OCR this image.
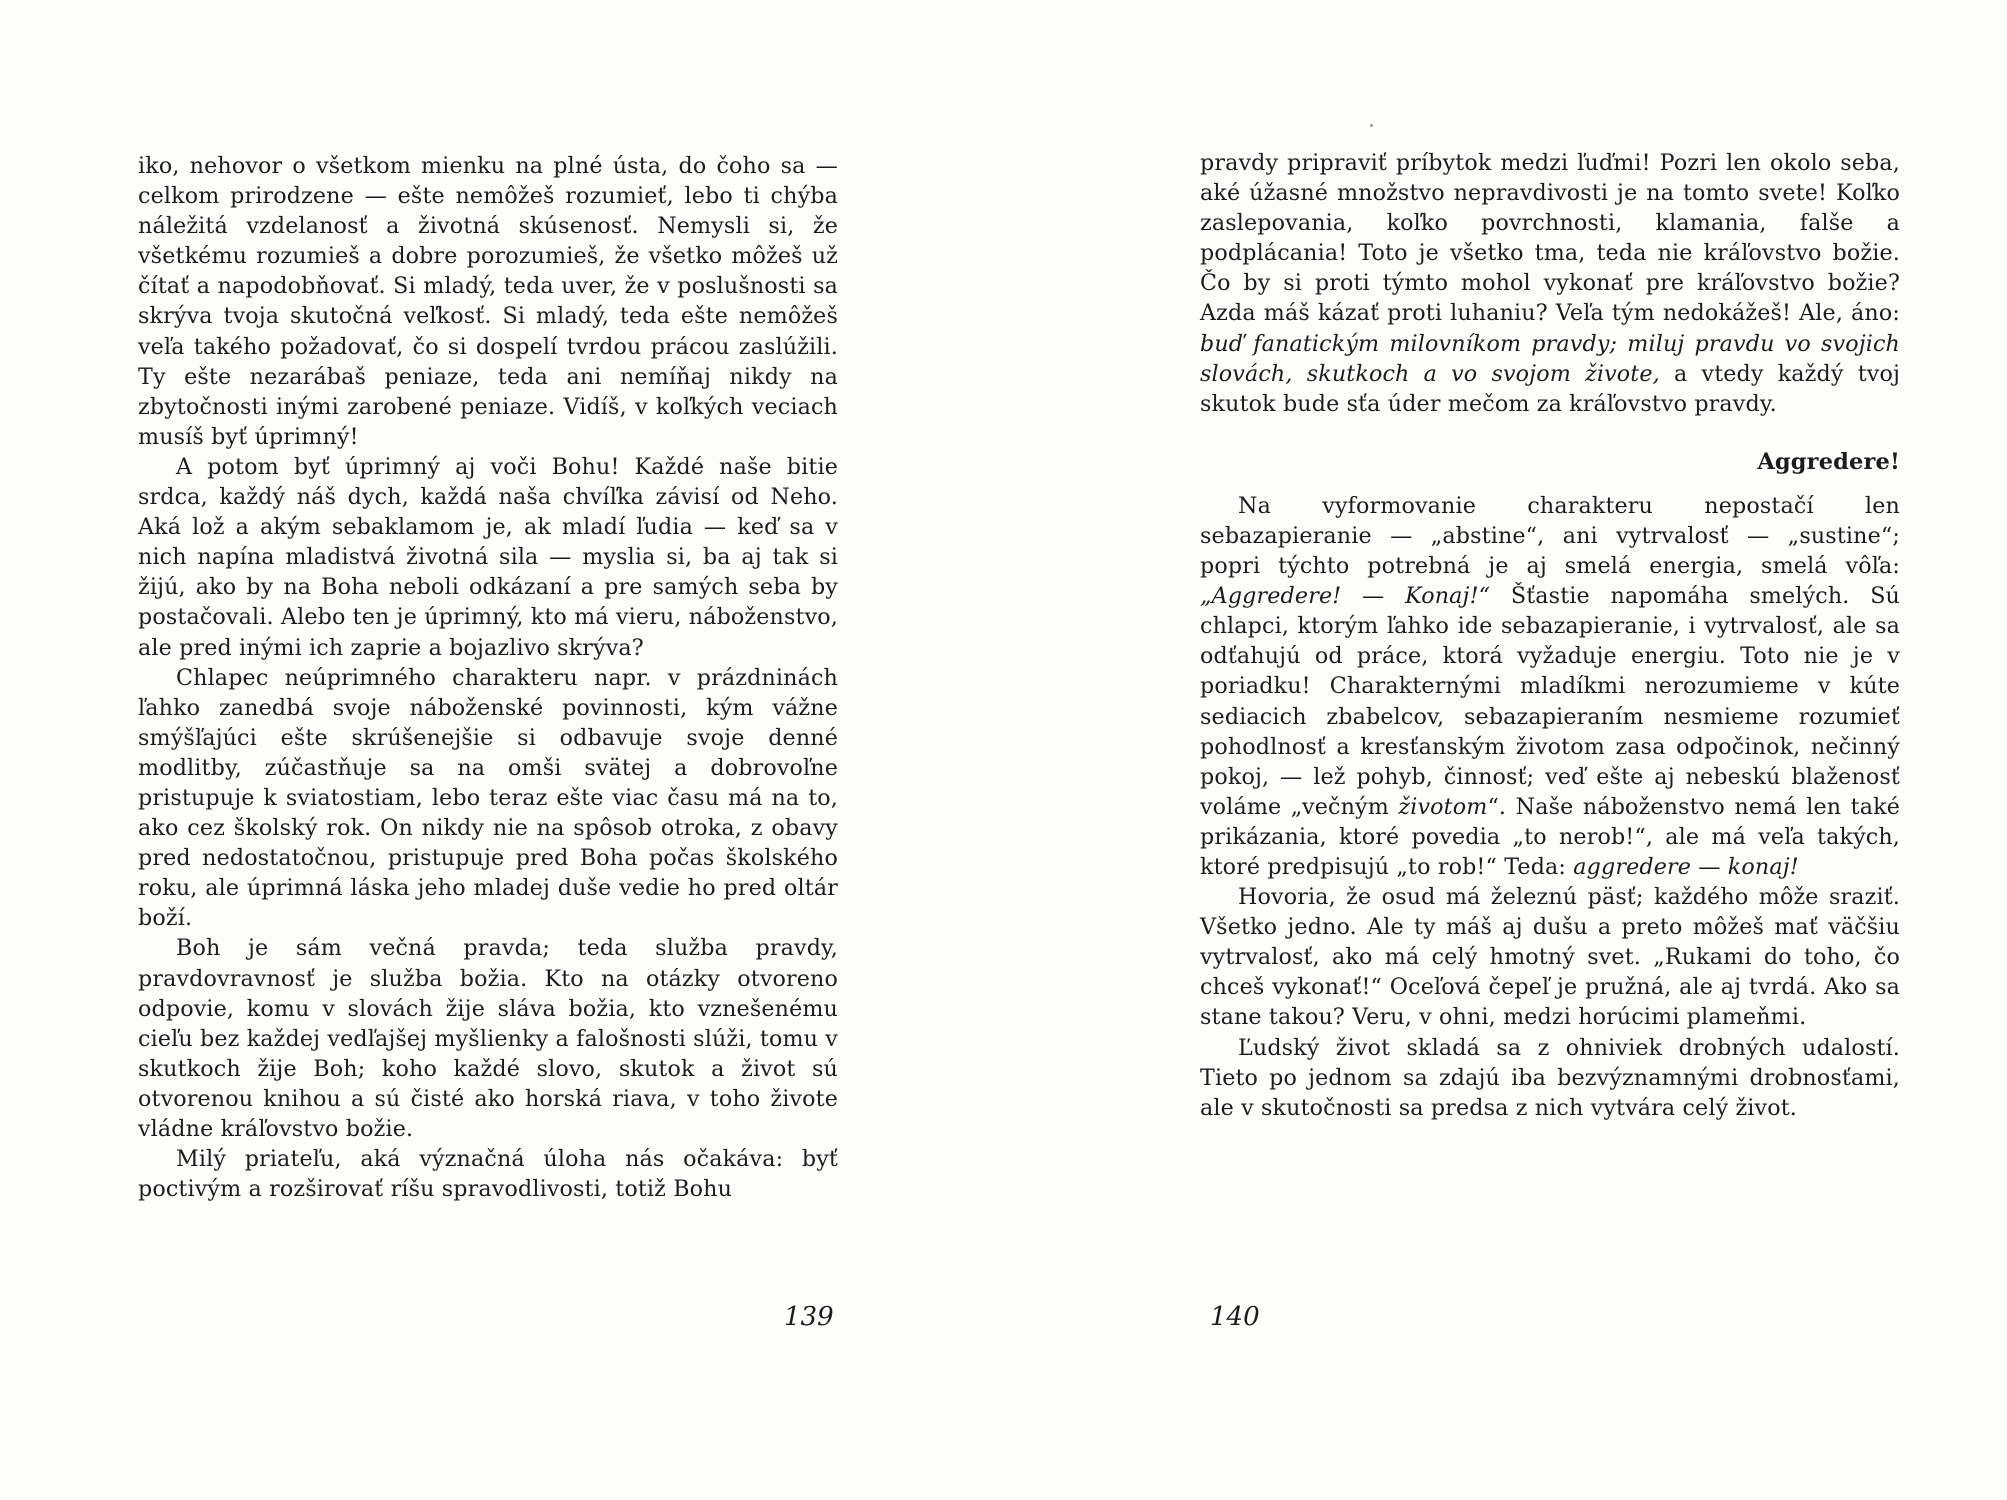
iko, nehovor o všetkom mienku na plné ústa, do čoho sa — celkom prirodzene — ešte nemôžeš rozumieť, lebo ti chýba náležitá vzdelanosť a životná skúsenosť. Nemysli si, že všetkému rozumieš a dobre porozumieš, že všetko môžeš už čítať a napodobňovať. Si mladý, teda uver, že v poslušnosti sa skrýva tvoja skutočná veľkosť. Si mladý, teda ešte nemôžeš veľa takého požadovať, čo si dospelí tvrdou prácou zaslúžili. Ty ešte nezarábaš peniaze, teda ani nemíňaj nikdy na zbytočnosti inými zarobené peniaze. Vidíš, v koľkých veciach musíš byť úprimný!

A potom byť úprimný aj voči Bohu! Každé naše bitie srdca, každý náš dych, každá naša chvíľka závisí od Neho. Aká lož a akým sebaklamom je, ak mladí ľudia — keď sa v nich napína mladistvá životná sila — myslia si, ba aj tak si žijú, ako by na Boha neboli odkázaní a pre samých seba by postačovali. Alebo ten je úprimný, kto má vieru, náboženstvo, ale pred inými ich zaprie a bojazlivo skrýva?

Chlapec neúprimného charakteru napr. v prázdninách ľahko zanedbá svoje náboženské povinnosti, kým vážne smýšľajúci ešte skrúšenejšie si odbavuje svoje denné modlitby, zúčastňuje sa na omši svätej a dobrovoľne pristupuje k sviatostiam, lebo teraz ešte viac času má na to, ako cez školský rok. On nikdy nie na spôsob otroka, z obavy pred nedostatočnou, pristupuje pred Boha počas školského roku, ale úprimná láska jeho mladej duše vedie ho pred oltár boží.

Boh je sám večná pravda; teda služba pravdy, pravdovravnosť je služba božia. Kto na otázky otvoreno odpovie, komu v slovách žije sláva božia, kto vznešenému cieľu bez každej vedľajšej myšlienky a falošnosti slúži, tomu v skutkoch žije Boh; koho každé slovo, skutok a život sú otvorenou knihou a sú čisté ako horská riava, v toho živote vládne kráľovstvo božie.

Milý priateľu, aká význačná úloha nás očakáva: byť poctivým a rozširovať ríšu spravodlivosti, totiž Bohu

139

pravdy pripraviť príbytok medzi ľuďmi! Pozri len okolo seba, aké úžasné množstvo nepravdivosti je na tomto svete! Koľko zaslepovania, koľko povrchnosti, klamania, falše a podplácania! Toto je všetko tma, teda nie kráľovstvo božie. Čo by si proti týmto mohol vykonať pre kráľovstvo božie? Azda máš kázať proti luhaniu? Veľa tým nedokážeš! Ale, áno: buď fanatickým milovníkom pravdy; miluj pravdu vo svojich slovách, skutkoch a vo svojom živote, a vtedy každý tvoj skutok bude sťa úder mečom za kráľovstvo pravdy.

Aggredere!

Na vyformovanie charakteru nepostačí len sebazapieranie — „abstine“, ani vytrvalosť — „sustine“; popri týchto potrebná je aj smelá energia, smelá vôľa: „Aggredere! — Konaj!“ Šťastie napomáha smelých. Sú chlapci, ktorým ľahko ide sebazapieranie, i vytrvalosť, ale sa odťahujú od práce, ktorá vyžaduje energiu. Toto nie je v poriadku! Charakternými mladíkmi nerozumieme v kúte sediacich zbabelcov, sebazapieraním nesmieme rozumieť pohodlnosť a kresťanským životom zasa odpočinok, nečinný pokoj, — lež pohyb, činnosť; veď ešte aj nebeskú blaženosť voláme „večným životom“. Naše náboženstvo nemá len také prikázania, ktoré povedia „to nerob!“, ale má veľa takých, ktoré predpisujú „to rob!“ Teda: aggredere — konaj!

Hovoria, že osud má železnú päsť; každého môže sraziť. Všetko jedno. Ale ty máš aj dušu a preto môžeš mať väčšiu vytrvalosť, ako má celý hmotný svet. „Rukami do toho, čo chceš vykonať!“ Oceľová čepeľ je pružná, ale aj tvrdá. Ako sa stane takou? Veru, v ohni, medzi horúcimi plameňmi.

Ľudský život skladá sa z ohniviek drobných udalostí. Tieto po jednom sa zdajú iba bezvýznamnými drobnosťami, ale v skutočnosti sa predsa z nich vytvára celý život.

140
